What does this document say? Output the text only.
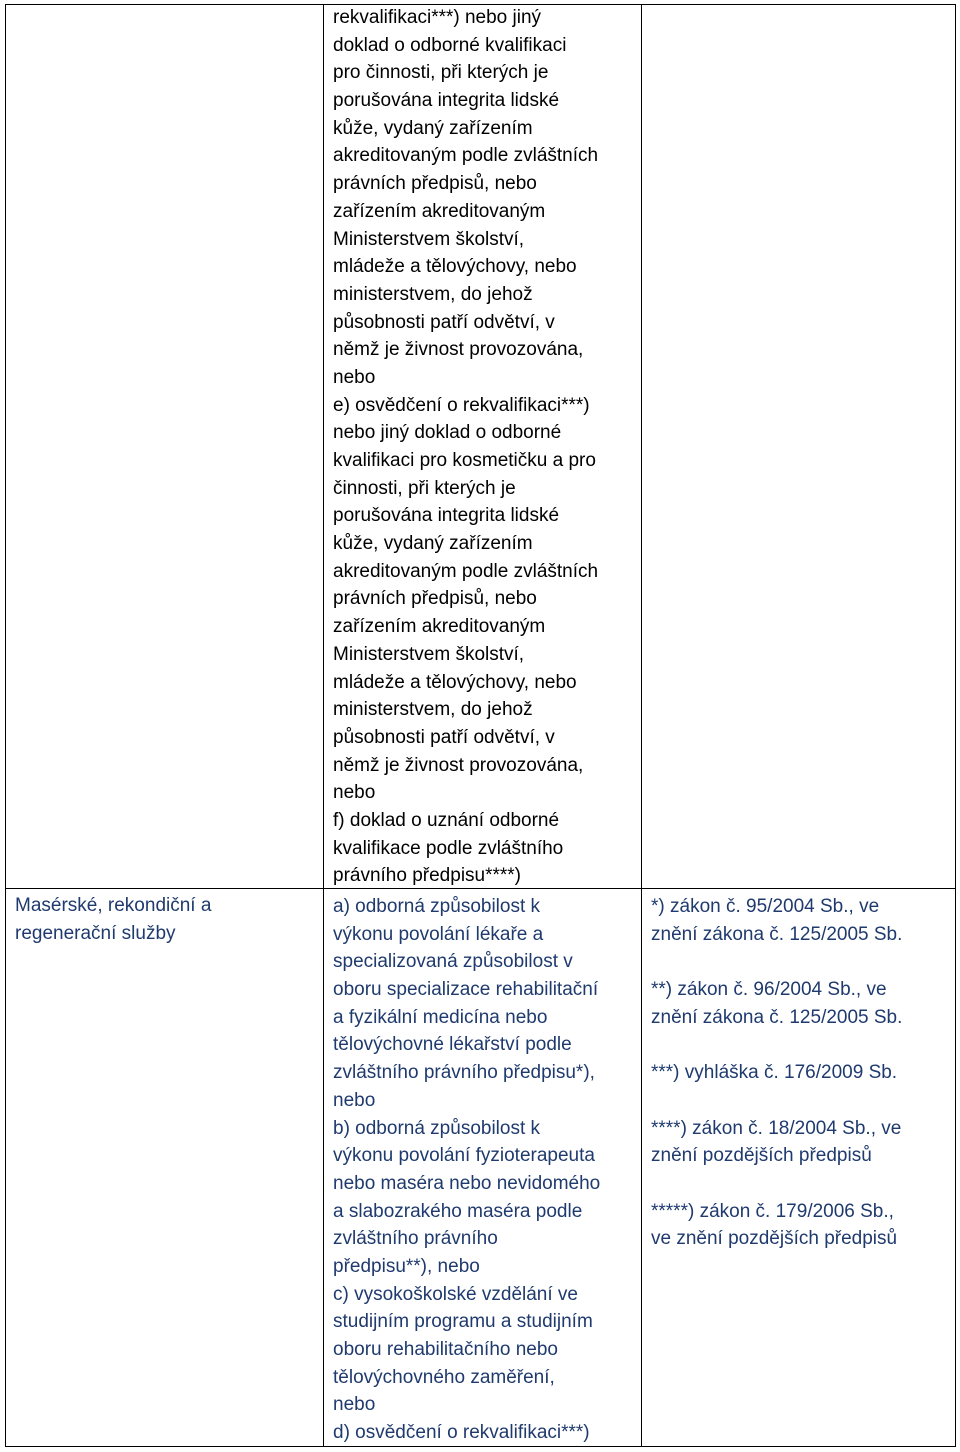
rekvalifikaci***) nebo jiný
doklad o odborné kvalifikaci
pro činnosti, při kterých je
porušována integrita lidské
kůže, vydaný zařízením
akreditovaným podle zvláštních
právních předpisů, nebo
zařízením akreditovaným
Ministerstvem školství,
mládeže a tělovýchovy, nebo
ministerstvem, do jehož
působnosti patří odvětví, v
němž je živnost provozována,
nebo
e) osvědčení o rekvalifikaci***)
nebo jiný doklad o odborné
kvalifikaci pro kosmetičku a pro
činnosti, při kterých je
porušována integrita lidské
kůže, vydaný zařízením
akreditovaným podle zvláštních
právních předpisů, nebo
zařízením akreditovaným
Ministerstvem školství,
mládeže a tělovýchovy, nebo
ministerstvem, do jehož
působnosti patří odvětví, v
němž je živnost provozována,
nebo
f) doklad o uznání odborné
kvalifikace podle zvláštního
právního předpisu****)
Masérské, rekondiční a
regenerační služby
a) odborná způsobilost k
výkonu povolání lékaře a
specializovaná způsobilost v
oboru specializace rehabilitační
a fyzikální medicína nebo
tělovýchovné lékařství podle
zvláštního právního předpisu*),
nebo
b) odborná způsobilost k
výkonu povolání fyzioterapeuta
nebo maséra nebo nevidomého
a slabozrakého maséra podle
zvláštního právního
předpisu**), nebo
c) vysokoškolské vzdělání ve
studijním programu a studijním
oboru rehabilitačního nebo
tělovýchovného zaměření,
nebo
d) osvědčení o rekvalifikaci***)
*) zákon č. 95/2004 Sb., ve
znění zákona č. 125/2005 Sb.
**) zákon č. 96/2004 Sb., ve
znění zákona č. 125/2005 Sb.
***) vyhláška č. 176/2009 Sb.
****) zákon č. 18/2004 Sb., ve
znění pozdějších předpisů
*****) zákon č. 179/2006 Sb.,
ve znění pozdějších předpisů
